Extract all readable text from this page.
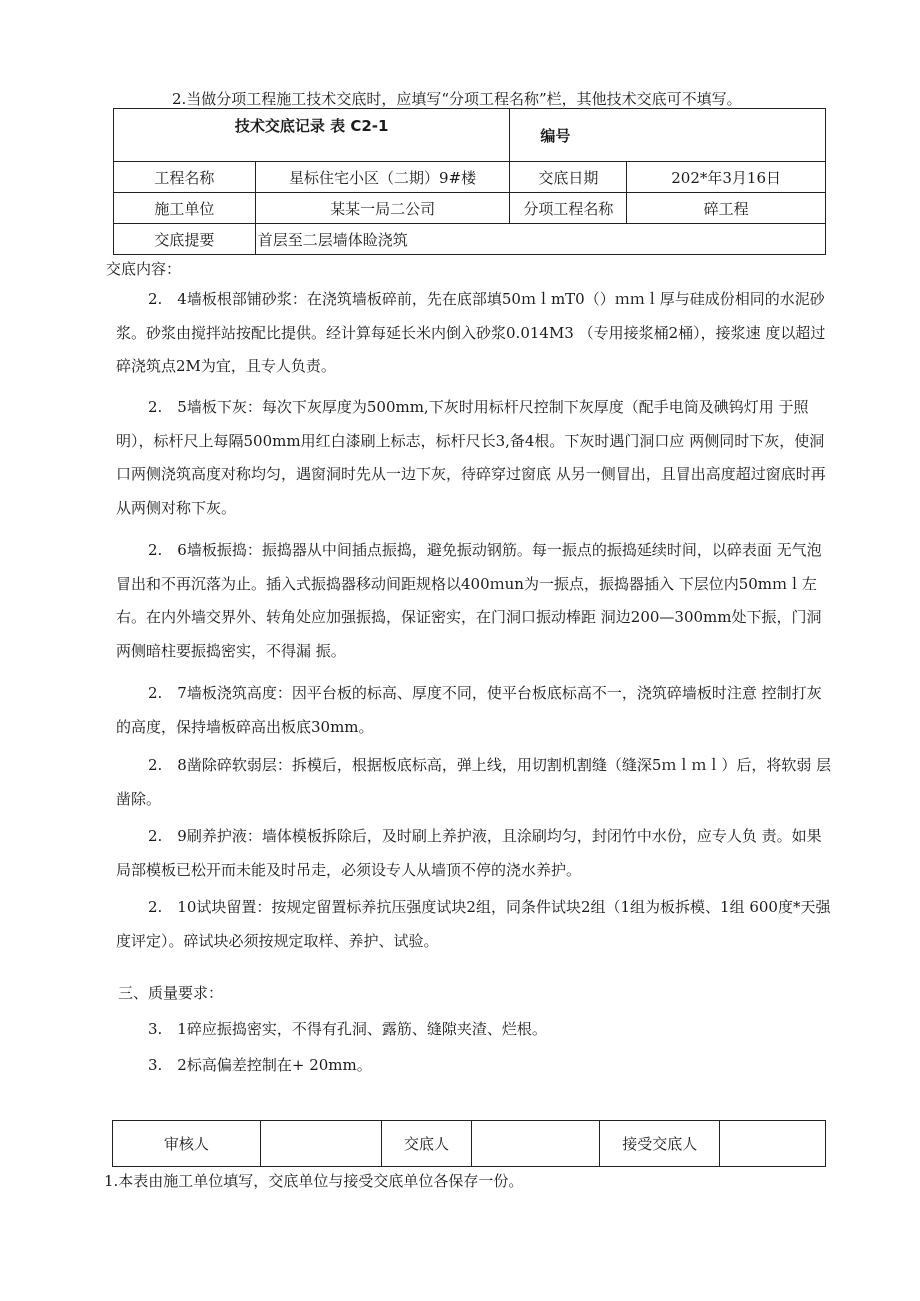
2.当做分项工程施工技术交底时，应填写“分项工程名称”栏，其他技术交底可不填写。
技术交底记录 表 C2-1		编号	
工程名称	星标住宅小区（二期）9#楼	交底日期	202*年3月16日
施工单位	某某一局二公司	分项工程名称	碎工程
交底提要	首层至二层墙体睑浇筑		
交底内容：

2.　4墙板根部铺砂浆：在浇筑墙板碎前，先在底部填50ｍｌmT0（）ｍｍｌ厚与硅成份相同的水泥砂浆。砂浆由搅拌站按配比提供。经计算每延长米内倒入砂浆0.014M3 （专用接浆桶2桶），接浆速 度以超过碎浇筑点2M为宜，且专人负责。

2.　5墙板下灰：每次下灰厚度为500mm,下灰时用标杆尺控制下灰厚度（配手电筒及碘钨灯用 于照明），标杆尺上每隔500mm用红白漆刷上标志，标杆尺长3,备4根。下灰时遇门洞口应 两侧同时下灰，使洞口两侧浇筑高度对称均匀，遇窗洞时先从一边下灰，待碎穿过窗底 从另一侧冒出，且冒出高度超过窗底时再从两侧对称下灰。

2.　6墙板振捣：振捣器从中间插点振捣，避免振动钢筋。每一振点的振捣延续时间，以碎表面 无气泡冒出和不再沉落为止。插入式振捣器移动间距规格以400ｍun为一振点，振捣器插入 下层位内50mｍｌ左右。在内外墙交界外、转角处应加强振捣，保证密实，在门洞口振动棒距 洞边200—300mm处下振，门洞两侧暗柱要振捣密实，不得漏 振。

2.　7墙板浇筑高度：因平台板的标高、厚度不同，使平台板底标高不一，浇筑碎墙板时注意 控制打灰的高度，保持墙板碎高出板底30mm。

2.　8凿除碎软弱层：拆模后，根据板底标高，弹上线，用切割机割缝（缝深5ｍｌｍｌ）后，将软弱 层凿除。

2.　9刷养护液：墙体模板拆除后，及时刷上养护液，且涂刷均匀，封闭竹中水份，应专人负 责。如果局部模板已松开而未能及时吊走，必须设专人从墙顶不停的浇水养护。

2.　10试块留置：按规定留置标养抗压强度试块2组，同条件试块2组（1组为板拆模、1组 600度*天强度评定）。碎试块必须按规定取样、养护、试验。

三、质量要求：
3.　1碎应振捣密实，不得有孔洞、露筋、缝隙夹渣、烂根。
3.　2标高偏差控制在+ 20mm。
审核人		交底人		接受交底人	
1.本表由施工单位填写，交底单位与接受交底单位各保存一份。
